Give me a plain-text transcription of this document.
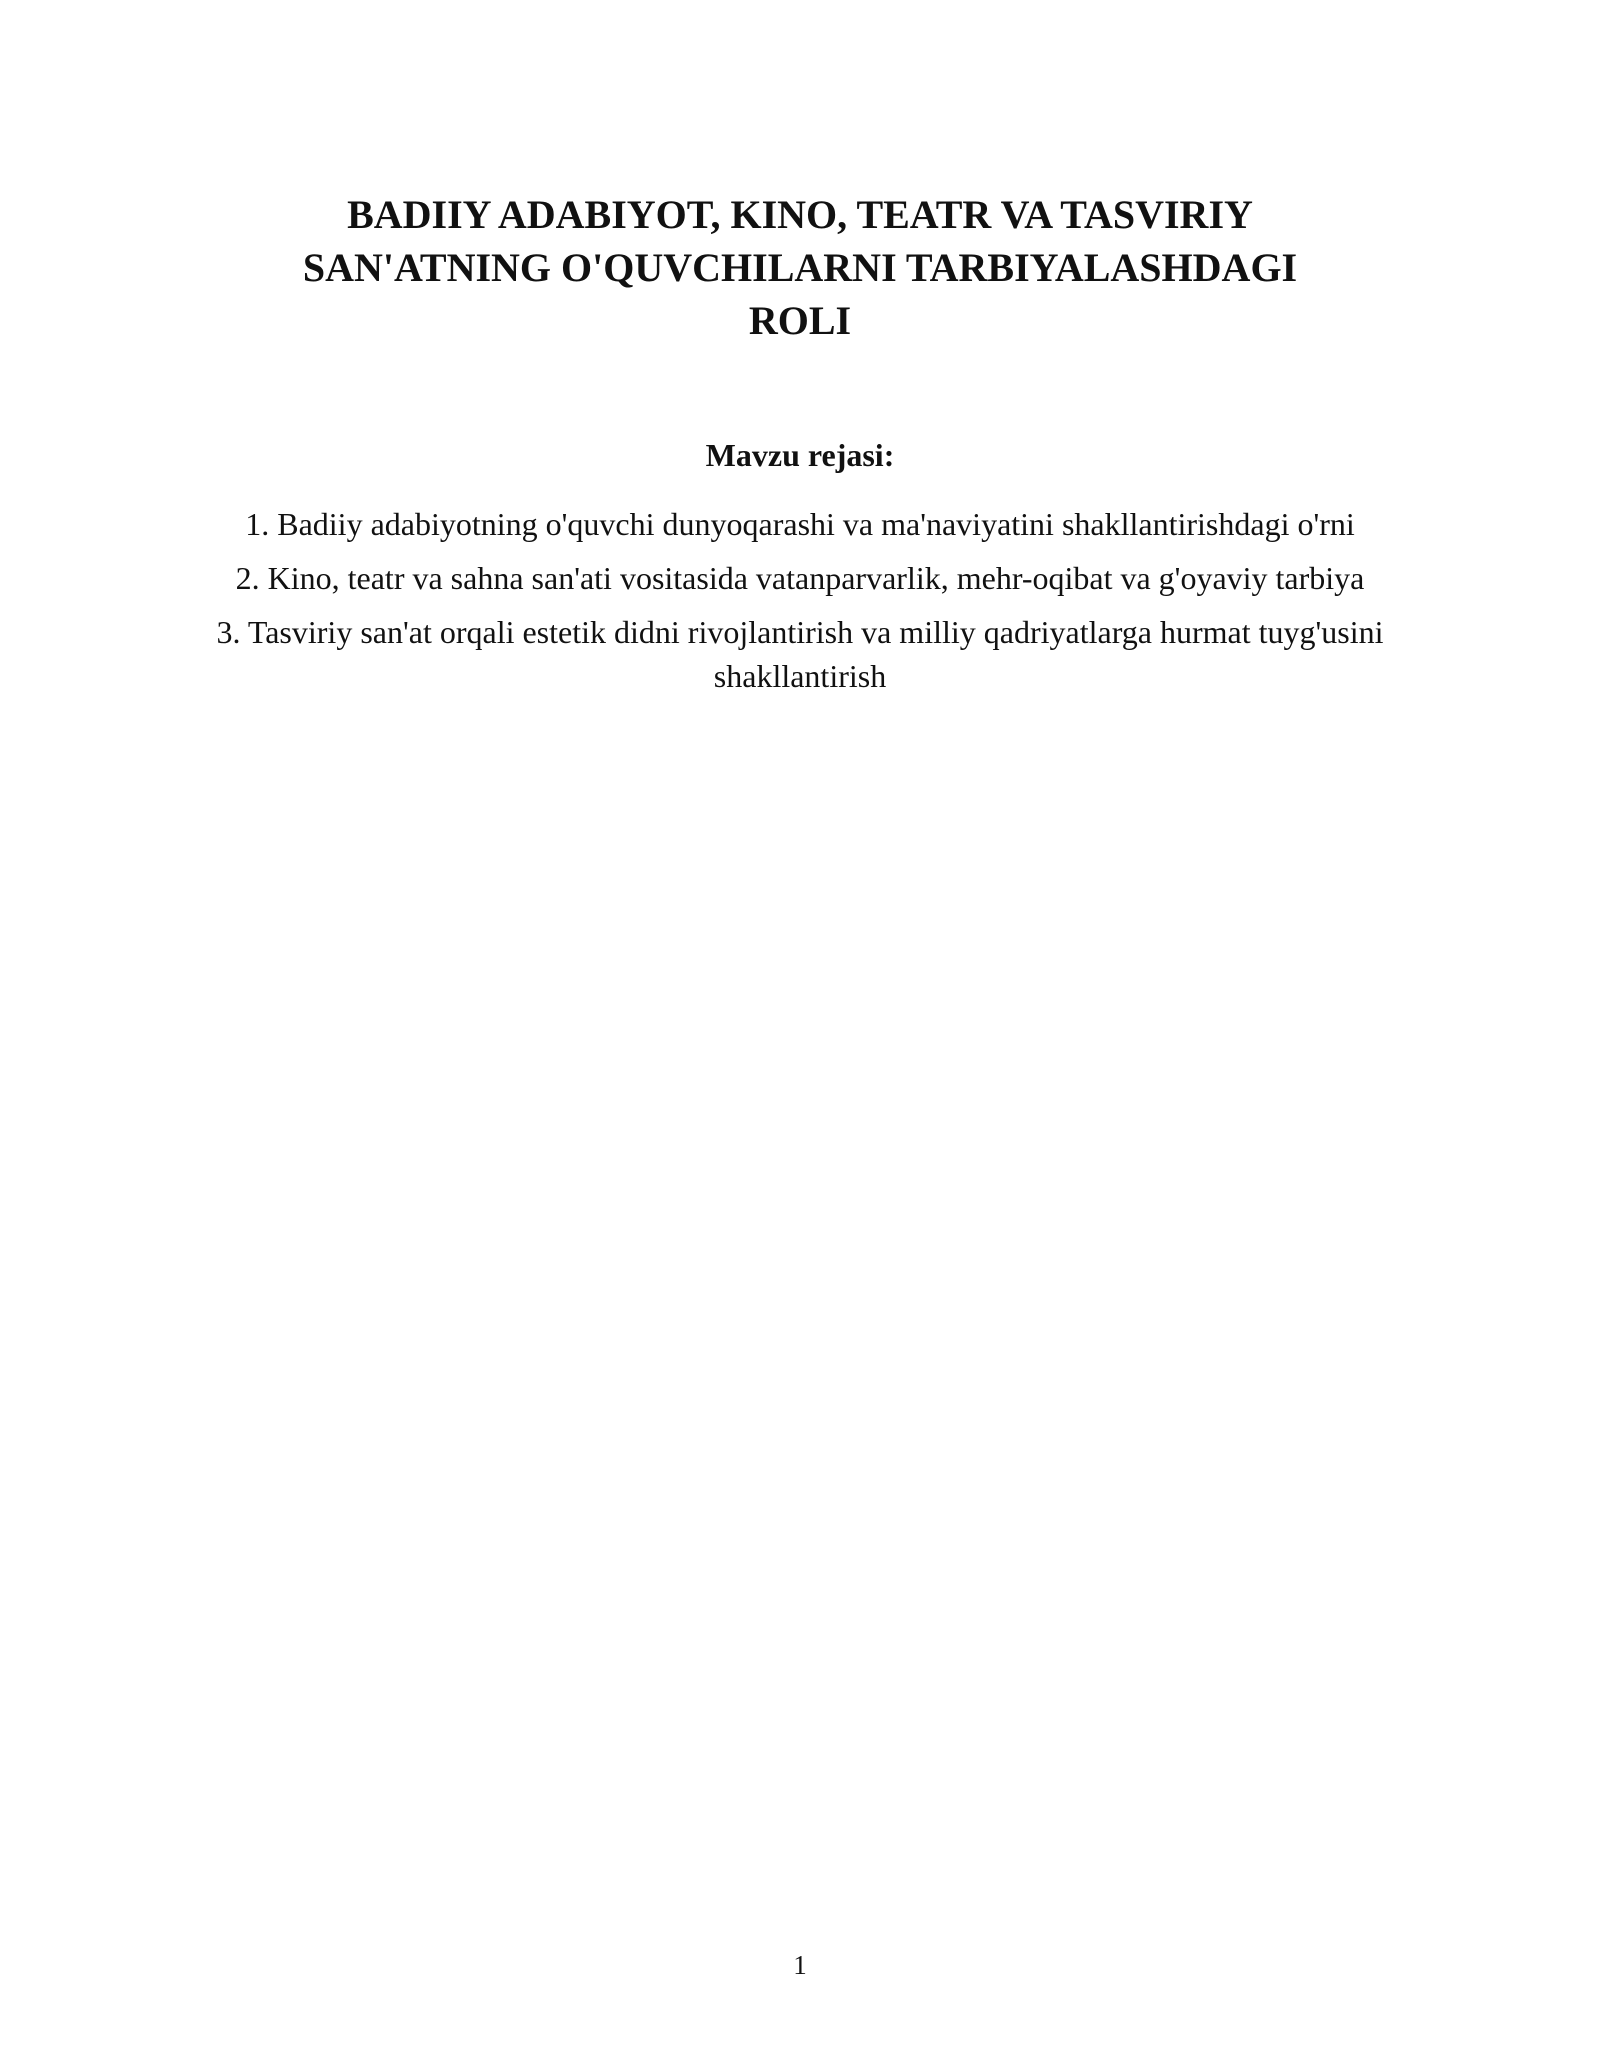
BADIIY ADABIYOT, KINO, TEATR VA TASVIRIY
SAN'ATNING O'QUVCHILARNI TARBIYALASHDAGI
ROLI
Mavzu rejasi:
1. Badiiy adabiyotning o'quvchi dunyoqarashi va ma'naviyatini shakllantirishdagi o'rni
2. Kino, teatr va sahna san'ati vositasida vatanparvarlik, mehr-oqibat va g'oyaviy tarbiya
3. Tasviriy san'at orqali estetik didni rivojlantirish va milliy qadriyatlarga hurmat tuyg'usini shakllantirish
1
